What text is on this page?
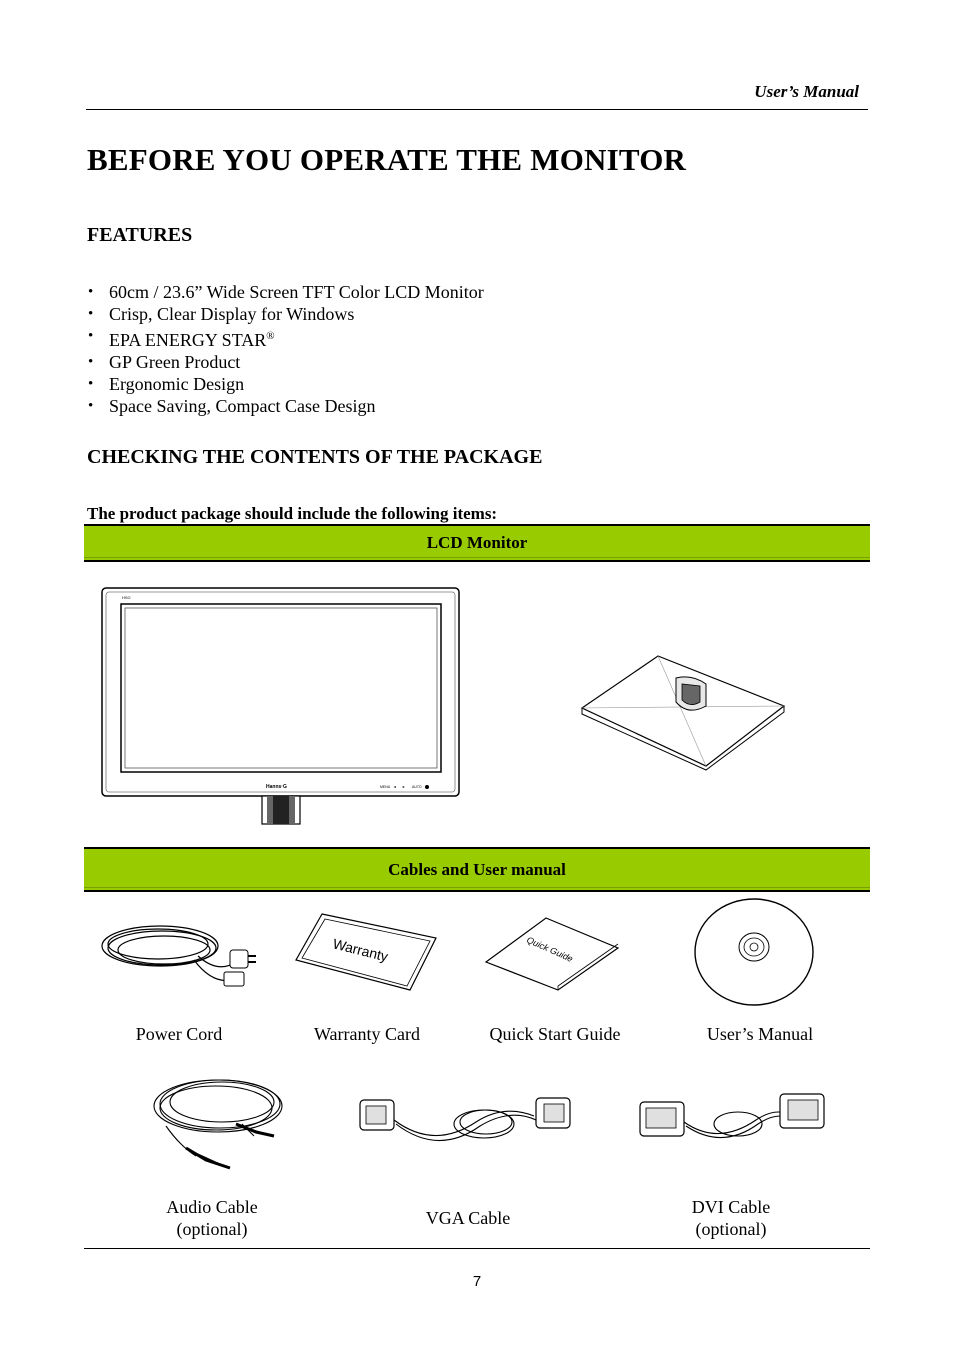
User’s Manual
BEFORE YOU OPERATE THE MONITOR
FEATURES
• 60cm / 23.6” Wide Screen TFT Color LCD Monitor
• Crisp, Clear Display for Windows
• EPA ENERGY STAR®
• GP Green Product
• Ergonomic Design
• Space Saving, Compact Case Design
CHECKING THE CONTENTS OF THE PACKAGE
The product package should include the following items:
LCD Monitor
HSG
Hanns·G	MENU ◄ ► AUTO
Cables and User manual
Warranty	Quick Guide
Power Cord	Warranty Card	Quick Start Guide	User’s Manual
Audio Cable
(optional)
VGA Cable
DVI Cable
(optional)
7
